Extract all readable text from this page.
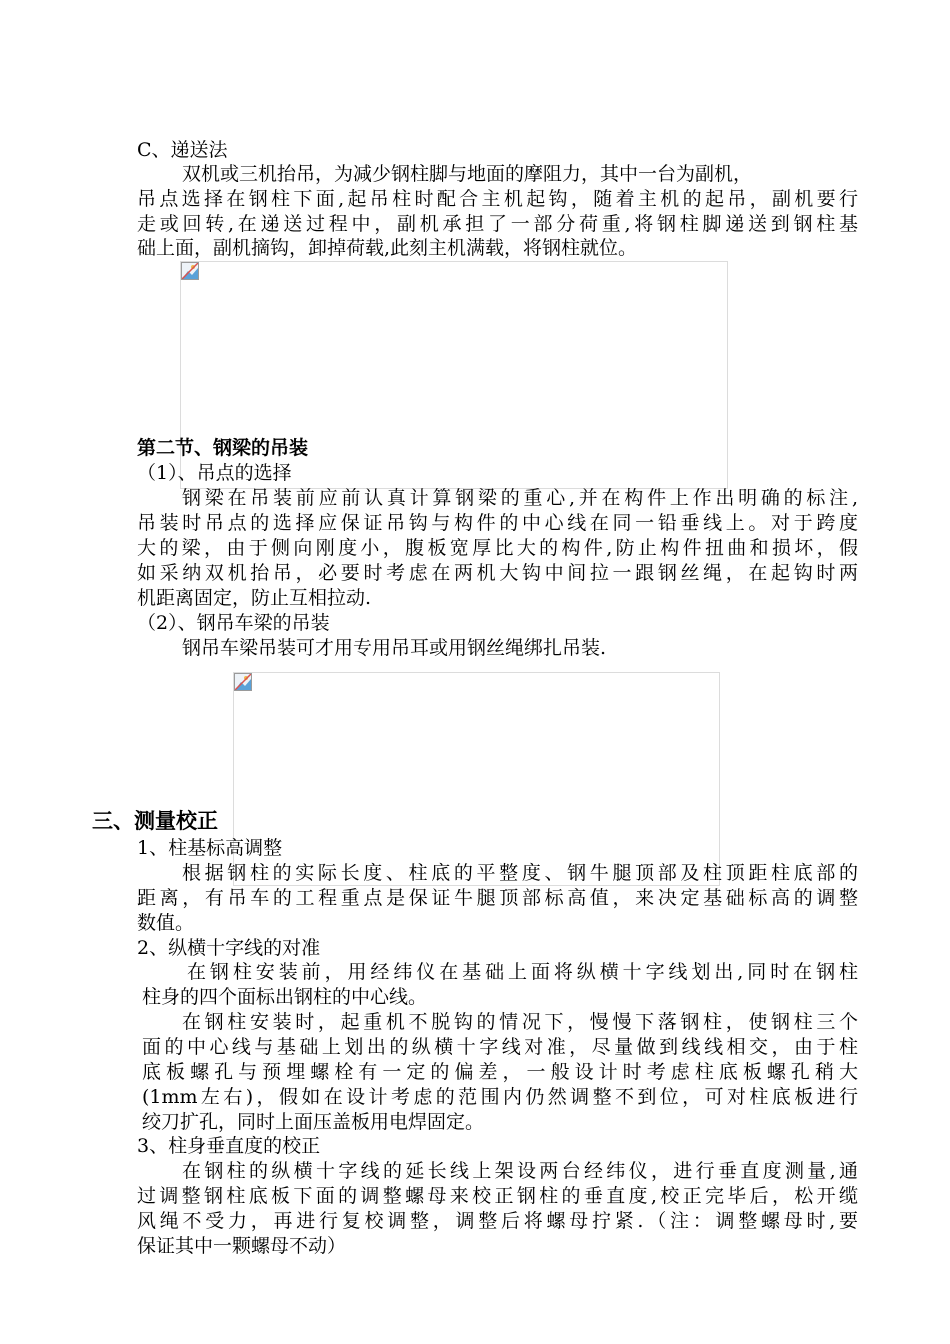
C、递送法
双机或三机抬吊，为减少钢柱脚与地面的摩阻力，其中一台为副机，
吊点选择在钢柱下面,起吊柱时配合主机起钩，随着主机的起吊，副机要行
走或回转,在递送过程中，副机承担了一部分荷重,将钢柱脚递送到钢柱基
础上面，副机摘钩，卸掉荷载,此刻主机满载，将钢柱就位。
第二节、钢梁的吊装
（1）、吊点的选择
钢梁在吊装前应前认真计算钢梁的重心,并在构件上作出明确的标注,
吊装时吊点的选择应保证吊钩与构件的中心线在同一铅垂线上。对于跨度
大的梁，由于侧向刚度小，腹板宽厚比大的构件,防止构件扭曲和损坏，假
如采纳双机抬吊，必要时考虑在两机大钩中间拉一跟钢丝绳，在起钩时两
机距离固定，防止互相拉动.
（2）、钢吊车梁的吊装
钢吊车梁吊装可才用专用吊耳或用钢丝绳绑扎吊装.
三、测量校正
1、柱基标高调整
根据钢柱的实际长度、柱底的平整度、钢牛腿顶部及柱顶距柱底部的
距离，有吊车的工程重点是保证牛腿顶部标高值，来决定基础标高的调整
数值。
2、纵横十字线的对准
在钢柱安装前，用经纬仪在基础上面将纵横十字线划出,同时在钢柱
柱身的四个面标出钢柱的中心线。
在钢柱安装时，起重机不脱钩的情况下，慢慢下落钢柱，使钢柱三个
面的中心线与基础上划出的纵横十字线对准，尽量做到线线相交，由于柱
底板螺孔与预埋螺栓有一定的偏差，一般设计时考虑柱底板螺孔稍大
(1mm左右)，假如在设计考虑的范围内仍然调整不到位，可对柱底板进行
绞刀扩孔，同时上面压盖板用电焊固定。
3、柱身垂直度的校正
在钢柱的纵横十字线的延长线上架设两台经纬仪，进行垂直度测量,通
过调整钢柱底板下面的调整螺母来校正钢柱的垂直度,校正完毕后，松开缆
风绳不受力，再进行复校调整，调整后将螺母拧紧.（注：调整螺母时,要
保证其中一颗螺母不动）
